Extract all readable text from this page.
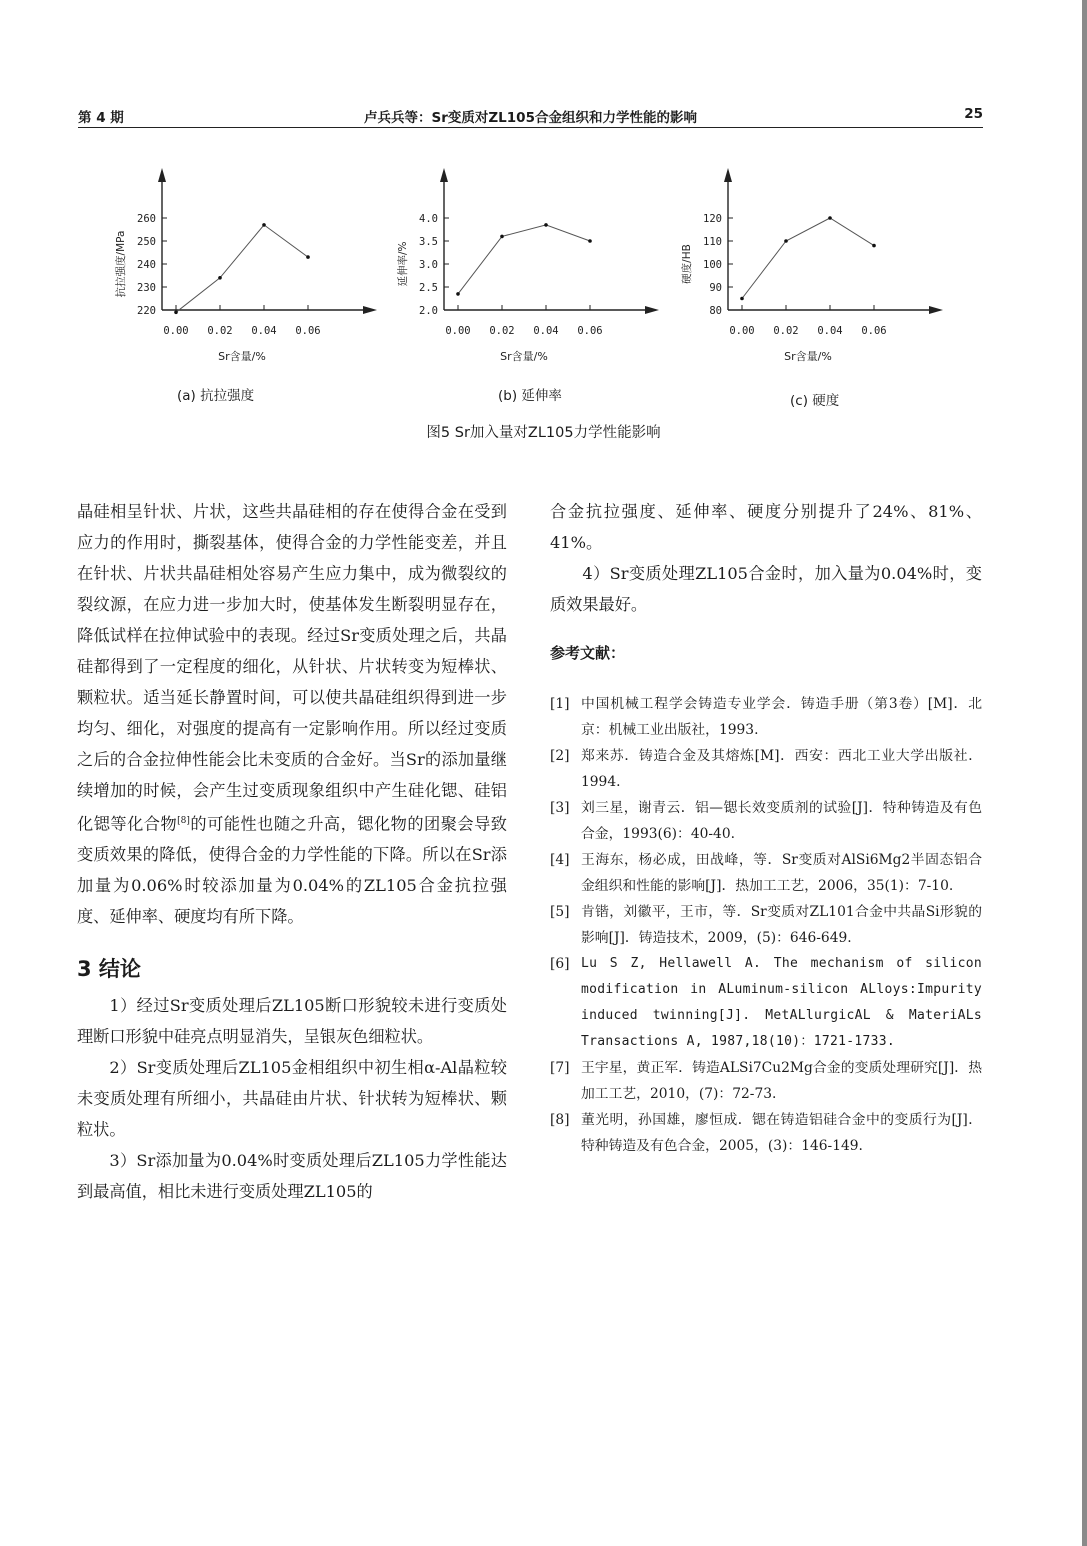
第 4 期	卢兵兵等：Sr变质对ZL105合金组织和力学性能的影响	25
220
230
240
250
260
0.00 0.02 0.04 0.06
Sr含量/%
抗拉强度/MPa
2.0
2.5
3.0
3.5
4.0
0.00 0.02 0.04 0.06
Sr含量/%
延伸率/%
80
90
100
110
120
0.00 0.02 0.04 0.06
Sr含量/%
硬度/HB
(a) 抗拉强度	(b) 延伸率	(c) 硬度
图5 Sr加入量对ZL105力学性能影响

晶硅相呈针状、片状，这些共晶硅相的存在使得合金在受到应力的作用时，撕裂基体，使得合金的力学性能变差，并且在针状、片状共晶硅相处容易产生应力集中，成为微裂纹的裂纹源，在应力进一步加大时，使基体发生断裂明显存在，降低试样在拉伸试验中的表现。经过Sr变质处理之后，共晶硅都得到了一定程度的细化，从针状、片状转变为短棒状、颗粒状。适当延长静置时间，可以使共晶硅组织得到进一步均匀、细化，对强度的提高有一定影响作用。所以经过变质之后的合金拉伸性能会比未变质的合金好。当Sr的添加量继续增加的时候，会产生过变质现象组织中产生硅化锶、硅铝化锶等化合物[8]的可能性也随之升高，锶化物的团聚会导致变质效果的降低，使得合金的力学性能的下降。所以在Sr添加量为0.06%时较添加量为0.04%的ZL105合金抗拉强度、延伸率、硬度均有所下降。

3 结论

1）经过Sr变质处理后ZL105断口形貌较未进行变质处理断口形貌中硅亮点明显消失，呈银灰色细粒状。

2）Sr变质处理后ZL105金相组织中初生相α-Al晶粒较未变质处理有所细小，共晶硅由片状、针状转为短棒状、颗粒状。

3）Sr添加量为0.04%时变质处理后ZL105力学性能达到最高值，相比未进行变质处理ZL105的

合金抗拉强度、延伸率、硬度分别提升了24%、81%、41%。

4）Sr变质处理ZL105合金时，加入量为0.04%时，变质效果最好。

参考文献：

[1] 中国机械工程学会铸造专业学会．铸造手册（第3卷）[M]．北京：机械工业出版社，1993.
[2] 郑来苏．铸造合金及其熔炼[M]．西安：西北工业大学出版社．1994.
[3] 刘三星，谢青云．铝—锶长效变质剂的试验[J]．特种铸造及有色合金，1993(6)：40-40.
[4] 王海东，杨必成，田战峰，等．Sr变质对AlSi6Mg2半固态铝合金组织和性能的影响[J]．热加工工艺，2006，35(1)：7-10.
[5] 肯锴，刘徽平，王市，等．Sr变质对ZL101合金中共晶Si形貌的影响[J]．铸造技术，2009，(5)：646-649.
[6] Lu S Z, Hellawell A. The mechanism of silicon modification in ALuminum-silicon ALloys:Impurity induced twinning[J]. MetALlurgicAL & MateriALs Transactions A, 1987,18(10)：1721-1733.
[7] 王宇星，黄正军．铸造ALSi7Cu2Mg合金的变质处理研究[J]．热加工工艺，2010，(7)：72-73.
[8] 董光明，孙国雄，廖恒成．锶在铸造铝硅合金中的变质行为[J]．特种铸造及有色合金，2005，(3)：146-149.
